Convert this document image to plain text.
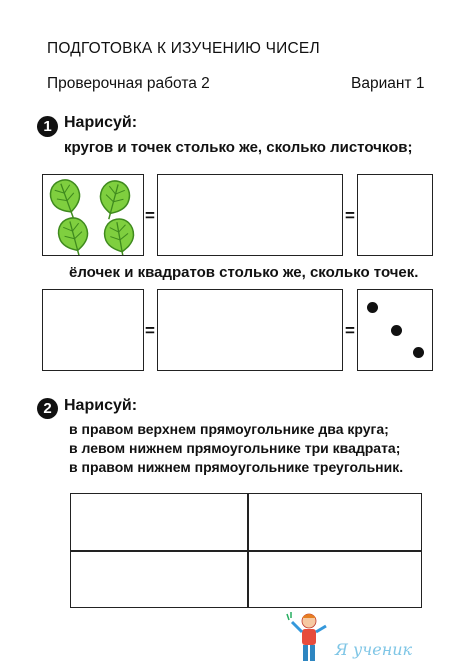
ПОДГОТОВКА К ИЗУЧЕНИЮ ЧИСЕЛ
Проверочная работа 2	Вариант 1
1 Нарисуй:
кругов и точек столько же, сколько листочков;
=	=
ёлочек и квадратов столько же, сколько точек.
=	=
2 Нарисуй:
в правом верхнем прямоугольнике два круга;
в левом нижнем прямоугольнике три квадрата;
в правом нижнем прямоугольнике треугольник.
Я ученик
